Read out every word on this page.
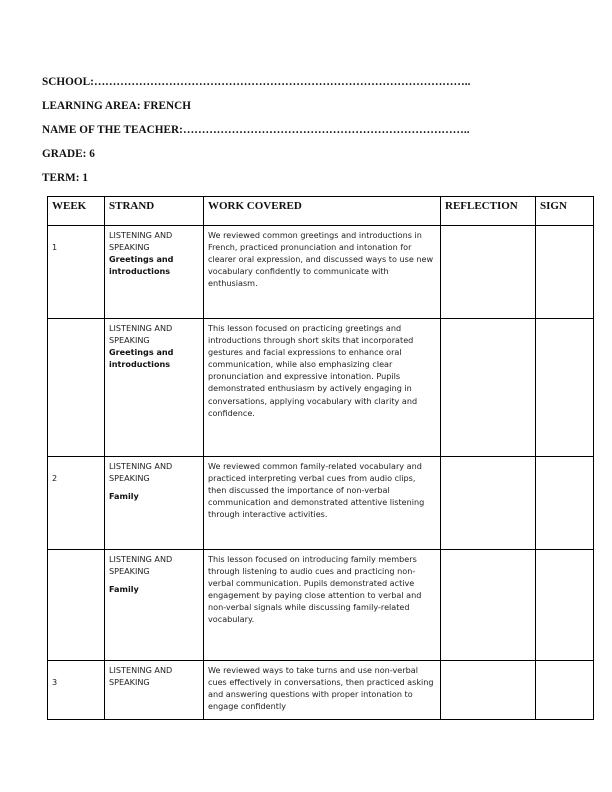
SCHOOL:………………………………………………………………………………………..
LEARNING AREA: FRENCH
NAME OF THE TEACHER:…………………………………………………………………..
GRADE: 6
TERM: 1
WEEK	STRAND	WORK COVERED	REFLECTION	SIGN

1	LISTENING AND SPEAKING
Greetings and introductions	We reviewed common greetings and introductions in French, practiced pronunciation and intonation for clearer oral expression, and discussed ways to use new vocabulary confidently to communicate with enthusiasm.		

	LISTENING AND SPEAKING
Greetings and introductions	This lesson focused on practicing greetings and introductions through short skits that incorporated gestures and facial expressions to enhance oral communication, while also emphasizing clear pronunciation and expressive intonation. Pupils demonstrated enthusiasm by actively engaging in conversations, applying vocabulary with clarity and confidence.		

2	LISTENING AND SPEAKING
Family	We reviewed common family-related vocabulary and practiced interpreting verbal cues from audio clips, then discussed the importance of non-verbal communication and demonstrated attentive listening through interactive activities.		

	LISTENING AND SPEAKING
Family	This lesson focused on introducing family members through listening to audio cues and practicing non-verbal communication. Pupils demonstrated active engagement by paying close attention to verbal and non-verbal signals while discussing family-related vocabulary.		

3	LISTENING AND SPEAKING	We reviewed ways to take turns and use non-verbal cues effectively in conversations, then practiced asking and answering questions with proper intonation to engage confidently		
